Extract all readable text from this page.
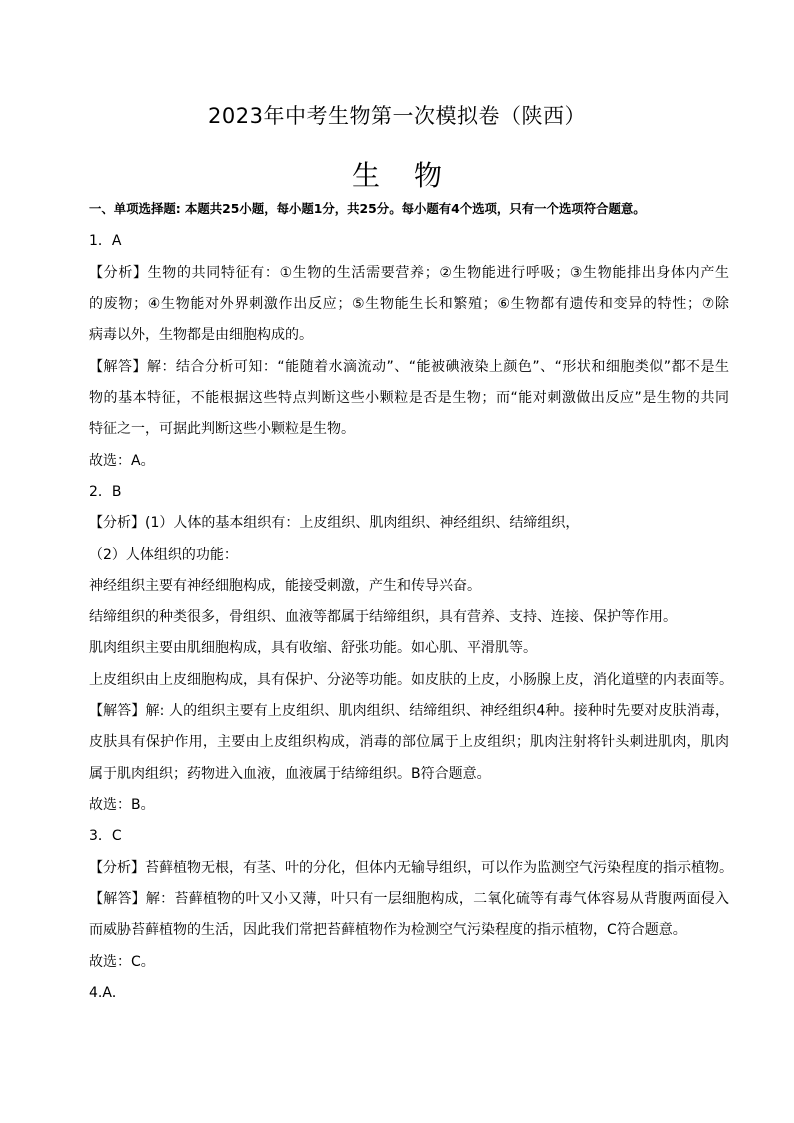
2023年中考生物第一次模拟卷（陕西）
生物
一、单项选择题: 本题共25小题，每小题1分，共25分。每小题有4个选项，只有一个选项符合题意。
1．A
【分析】生物的共同特征有：①生物的生活需要营养；②生物能进行呼吸；③生物能排出身体内产生
的废物；④生物能对外界刺激作出反应；⑤生物能生长和繁殖；⑥生物都有遗传和变异的特性；⑦除
病毒以外，生物都是由细胞构成的。
【解答】解：结合分析可知：“能随着水滴流动”、“能被碘液染上颜色”、“形状和细胞类似”都不是生
物的基本特征，不能根据这些特点判断这些小颗粒是否是生物；而“能对刺激做出反应”是生物的共同
特征之一，可据此判断这些小颗粒是生物。
故选：A。
2．B
【分析】(1）人体的基本组织有：上皮组织、肌肉组织、神经组织、结缔组织，
（2）人体组织的功能：
神经组织主要有神经细胞构成，能接受刺激，产生和传导兴奋。
结缔组织的种类很多，骨组织、血液等都属于结缔组织，具有营养、支持、连接、保护等作用。
肌肉组织主要由肌细胞构成，具有收缩、舒张功能。如心肌、平滑肌等。
上皮组织由上皮细胞构成，具有保护、分泌等功能。如皮肤的上皮，小肠腺上皮，消化道壁的内表面等。
【解答】解: 人的组织主要有上皮组织、肌肉组织、结缔组织、神经组织4种。接种时先要对皮肤消毒，
皮肤具有保护作用，主要由上皮组织构成，消毒的部位属于上皮组织；肌肉注射将针头刺进肌肉，肌肉
属于肌肉组织；药物进入血液，血液属于结缔组织。B符合题意。
故选：B。
3．C
【分析】苔藓植物无根，有茎、叶的分化，但体内无输导组织，可以作为监测空气污染程度的指示植物。
【解答】解：苔藓植物的叶又小又薄，叶只有一层细胞构成，二氧化硫等有毒气体容易从背腹两面侵入
而威胁苔藓植物的生活，因此我们常把苔藓植物作为检测空气污染程度的指示植物，C符合题意。
故选：C。
4.A．
